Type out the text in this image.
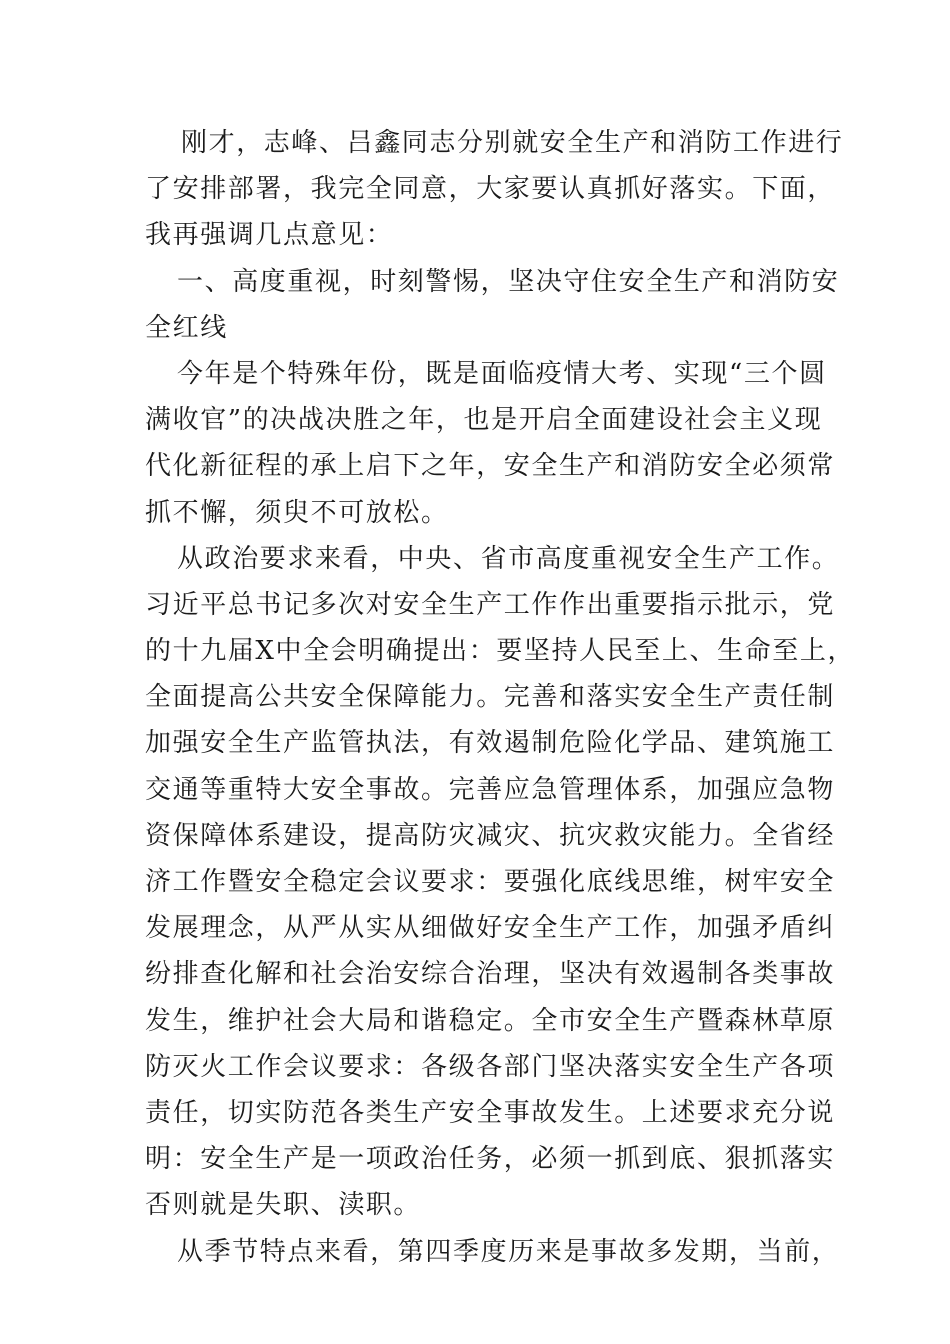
刚才，志峰、吕鑫同志分别就安全生产和消防工作进行
了安排部署，我完全同意，大家要认真抓好落实。下面，
我再强调几点意见：
一、高度重视，时刻警惕，坚决守住安全生产和消防安
全红线
今年是个特殊年份，既是面临疫情大考、实现“三个圆
满收官”的决战决胜之年，也是开启全面建设社会主义现
代化新征程的承上启下之年，安全生产和消防安全必须常
抓不懈，须臾不可放松。
从政治要求来看，中央、省市高度重视安全生产工作。
习近平总书记多次对安全生产工作作出重要指示批示，党
的十九届X中全会明确提出：要坚持人民至上、生命至上，
全面提高公共安全保障能力。完善和落实安全生产责任制
加强安全生产监管执法，有效遏制危险化学品、建筑施工
交通等重特大安全事故。完善应急管理体系，加强应急物
资保障体系建设，提高防灾减灾、抗灾救灾能力。全省经
济工作暨安全稳定会议要求：要强化底线思维，树牢安全
发展理念，从严从实从细做好安全生产工作，加强矛盾纠
纷排查化解和社会治安综合治理，坚决有效遏制各类事故
发生，维护社会大局和谐稳定。全市安全生产暨森林草原
防灭火工作会议要求：各级各部门坚决落实安全生产各项
责任，切实防范各类生产安全事故发生。上述要求充分说
明：安全生产是一项政治任务，必须一抓到底、狠抓落实
否则就是失职、渎职。
从季节特点来看，第四季度历来是事故多发期，当前，
